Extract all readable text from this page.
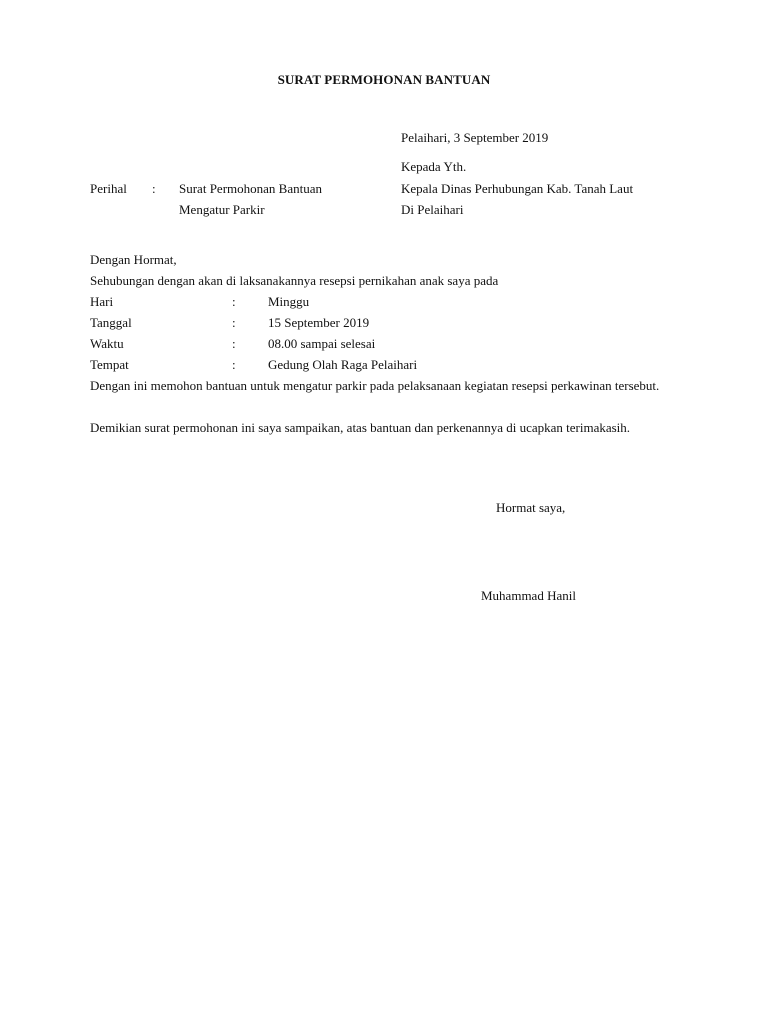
SURAT PERMOHONAN BANTUAN
Pelaihari, 3 September 2019
Kepada Yth.
Kepala Dinas Perhubungan Kab. Tanah Laut
Di Pelaihari
Perihal : Surat Permohonan Bantuan
Mengatur Parkir
Dengan Hormat,
Sehubungan dengan akan di laksanakannya resepsi pernikahan anak saya pada
Hari	: Minggu
Tanggal	: 15 September 2019
Waktu	: 08.00 sampai selesai
Tempat	: Gedung Olah Raga Pelaihari
Dengan ini memohon bantuan untuk mengatur parkir pada pelaksanaan kegiatan resepsi perkawinan tersebut.
Demikian surat permohonan ini saya sampaikan, atas bantuan dan perkenannya di ucapkan terimakasih.
Hormat saya,
Muhammad Hanil
